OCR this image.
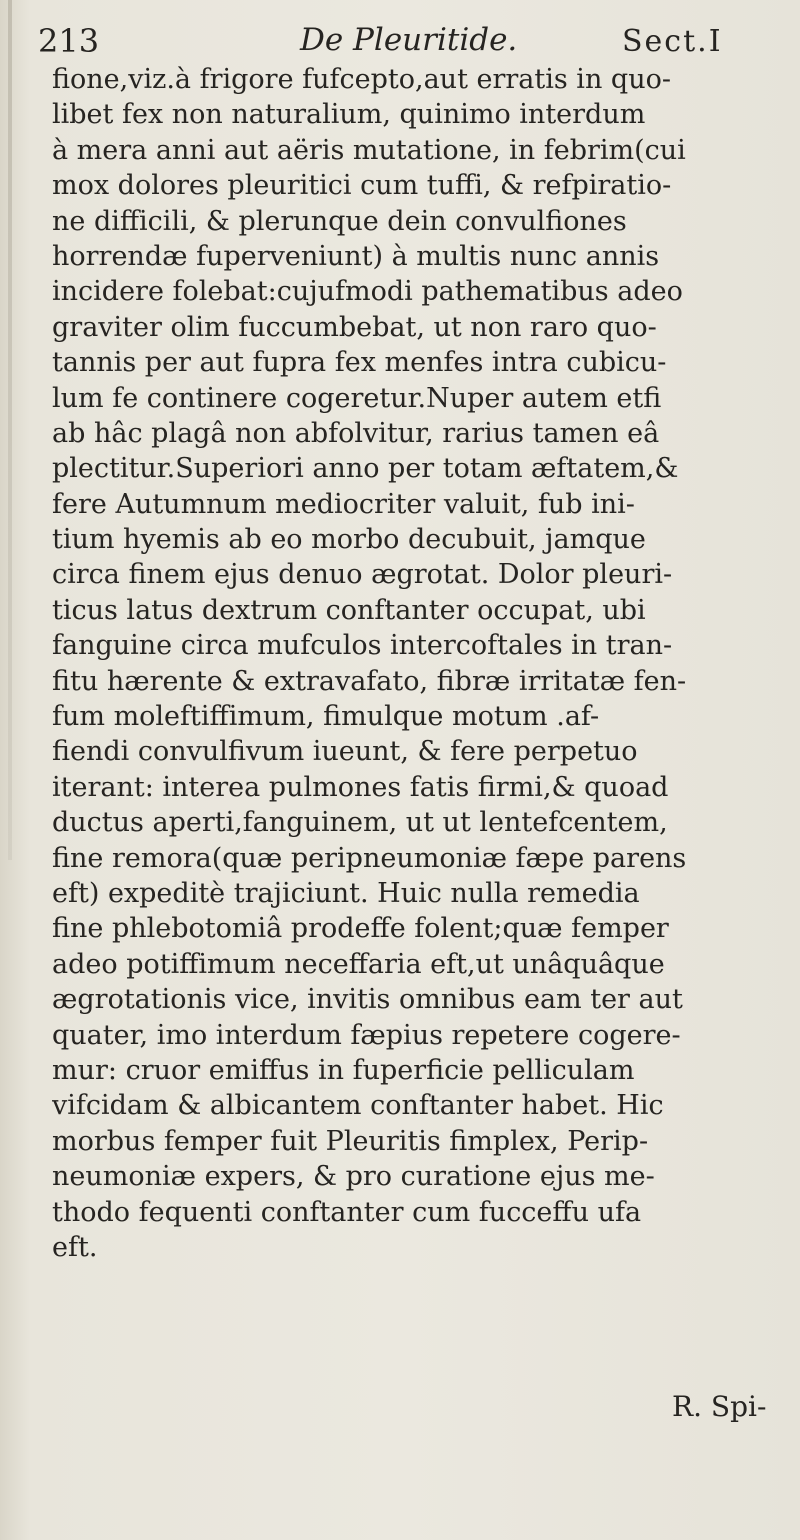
213	De Pleuritide.	Sect.I
fione,viz.à frigore fufcepto,aut erratis in quo-
libet fex non naturalium, quinimo interdum
à mera anni aut aëris mutatione, in febrim(cui
mox dolores pleuritici cum tuffi, & refpiratio-
ne difficili, & plerunque dein convulfiones
horrendæ fuperveniunt) à multis nunc annis
incidere folebat:cujufmodi pathematibus adeo
graviter olim fuccumbebat, ut non raro quo-
tannis per aut fupra fex menfes intra cubicu-
lum fe continere cogeretur.Nuper autem etfi
ab hâc plagâ non abfolvitur, rarius tamen eâ
plectitur.Superiori anno per totam æftatem,&
fere Autumnum mediocriter valuit, fub ini-
tium hyemis ab eo morbo decubuit, jamque
circa finem ejus denuo ægrotat. Dolor pleuri-
ticus latus dextrum conftanter occupat, ubi
fanguine circa mufculos intercoftales in tran-
fitu hærente & extravafato, fibræ irritatæ fen-
fum moleftiffimum, fimulque motum .af-
fiendi convulfivum iueunt, & fere perpetuo
iterant: interea pulmones fatis firmi,& quoad
ductus aperti,fanguinem, ut ut lentefcentem,
fine remora(quæ peripneumoniæ fæpe parens
eft) expeditè trajiciunt. Huic nulla remedia
fine phlebotomiâ prodeffe folent;quæ femper
adeo potiffimum neceffaria eft,ut unâquâque
ægrotationis vice, invitis omnibus eam ter aut
quater, imo interdum fæpius repetere cogere-
mur: cruor emiffus in fuperficie pelliculam
vifcidam & albicantem conftanter habet. Hic
morbus femper fuit Pleuritis fimplex, Perip-
neumoniæ expers, & pro curatione ejus me-
thodo fequenti conftanter cum fucceffu ufa
eft.
R. Spi-
